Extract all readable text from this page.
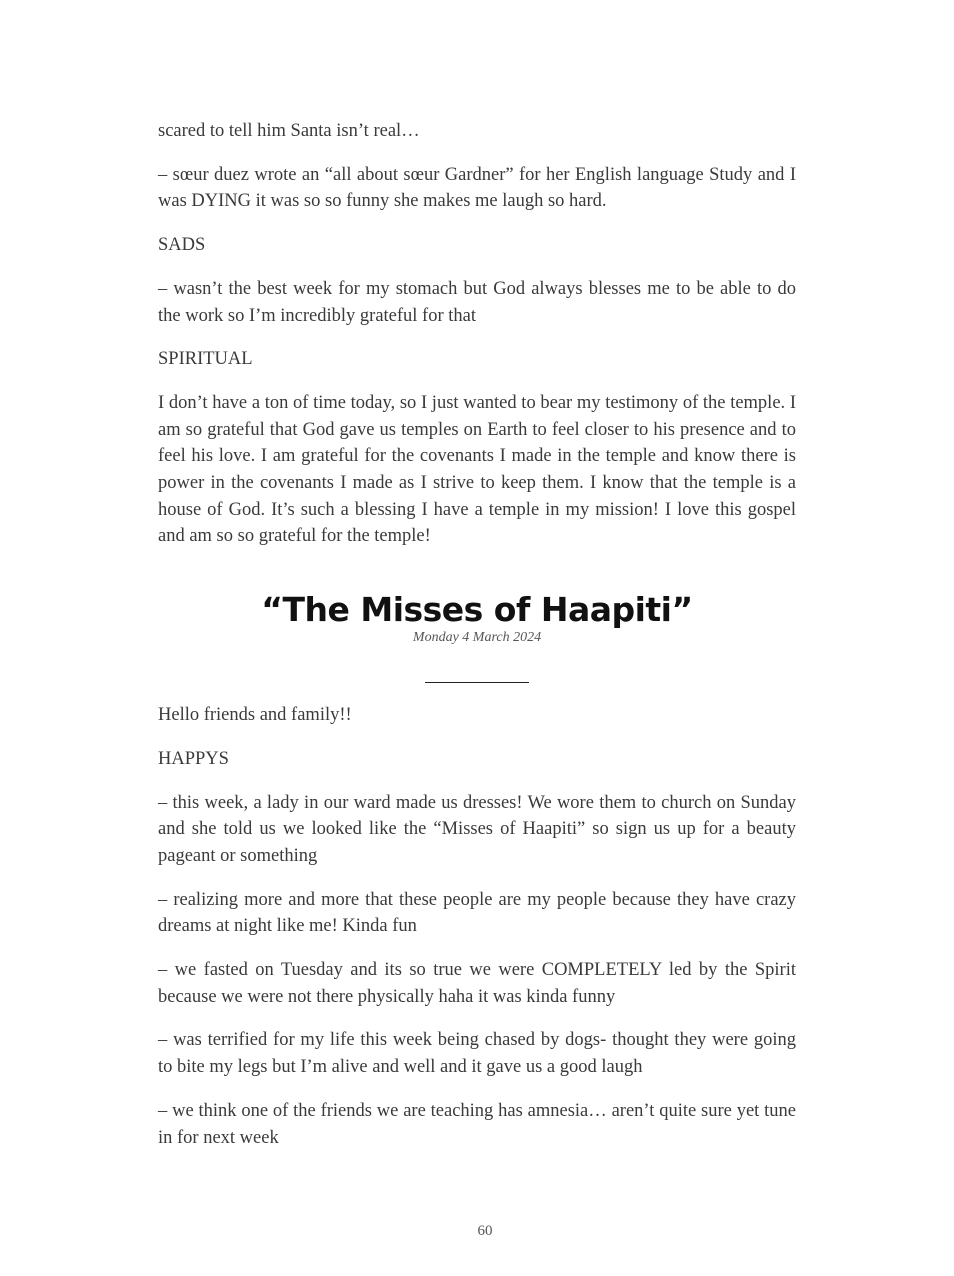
scared to tell him Santa isn’t real…

– sœur duez wrote an “all about sœur Gardner” for her English language Study and I was DYING it was so so funny she makes me laugh so hard.

SADS

– wasn’t the best week for my stomach but God always blesses me to be able to do the work so I’m incredibly grateful for that

SPIRITUAL

I don’t have a ton of time today, so I just wanted to bear my testimony of the temple. I am so grateful that God gave us temples on Earth to feel closer to his presence and to feel his love. I am grateful for the covenants I made in the temple and know there is power in the covenants I made as I strive to keep them. I know that the temple is a house of God. It’s such a blessing I have a temple in my mission! I love this gospel and am so so grateful for the temple!

“The Misses of Haapiti”
Monday 4 March 2024

Hello friends and family!!

HAPPYS

– this week, a lady in our ward made us dresses! We wore them to church on Sunday and she told us we looked like the “Misses of Haapiti” so sign us up for a beauty pageant or something

– realizing more and more that these people are my people because they have crazy dreams at night like me! Kinda fun

– we fasted on Tuesday and its so true we were COMPLETELY led by the Spirit because we were not there physically haha it was kinda funny

– was terrified for my life this week being chased by dogs- thought they were going to bite my legs but I’m alive and well and it gave us a good laugh

– we think one of the friends we are teaching has amnesia… aren’t quite sure yet tune in for next week

60
